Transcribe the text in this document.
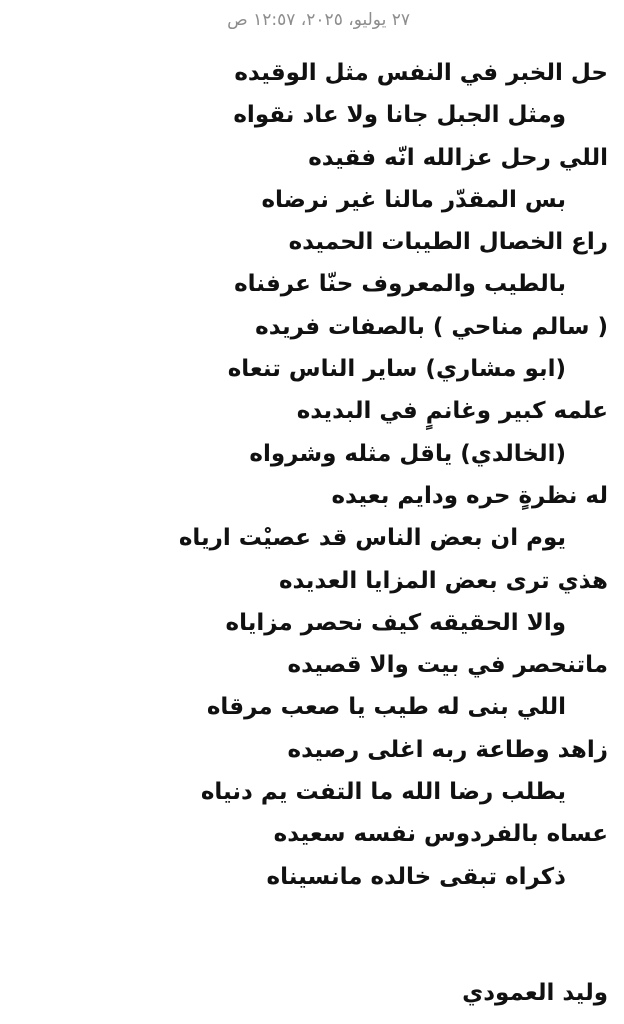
٢٧ يوليو، ٢٠٢٥، ١٢:٥٧ ص
حل الخبر في النفس مثل الوقيده
ومثل الجبل جانا ولا عاد نقواه
اللي رحل عزالله انّه فقيده
بس المقدّر مالنا غير نرضاه
راع الخصال الطيبات الحميده
بالطيب والمعروف حنّا عرفناه
( سالم مناحي ) بالصفات فريده
(ابو مشاري) ساير الناس تنعاه
علمه كبير وغانمٍ في البديده
(الخالدي) ياقل مثله وشرواه
له نظرةٍ حره ودايم بعيده
يوم ان بعض الناس قد عصيْت ارياه
هذي ترى بعض المزايا العديده
والا الحقيقه كيف نحصر مزاياه
ماتنحصر في بيت والا قصيده
اللي بنى له طيب يا صعب مرقاه
زاهد وطاعة ربه اغلى رصيده
يطلب رضا الله ما التفت يم دنياه
عساه بالفردوس نفسه سعيده
ذكراه تبقى خالده مانسيناه
وليد العمودي
